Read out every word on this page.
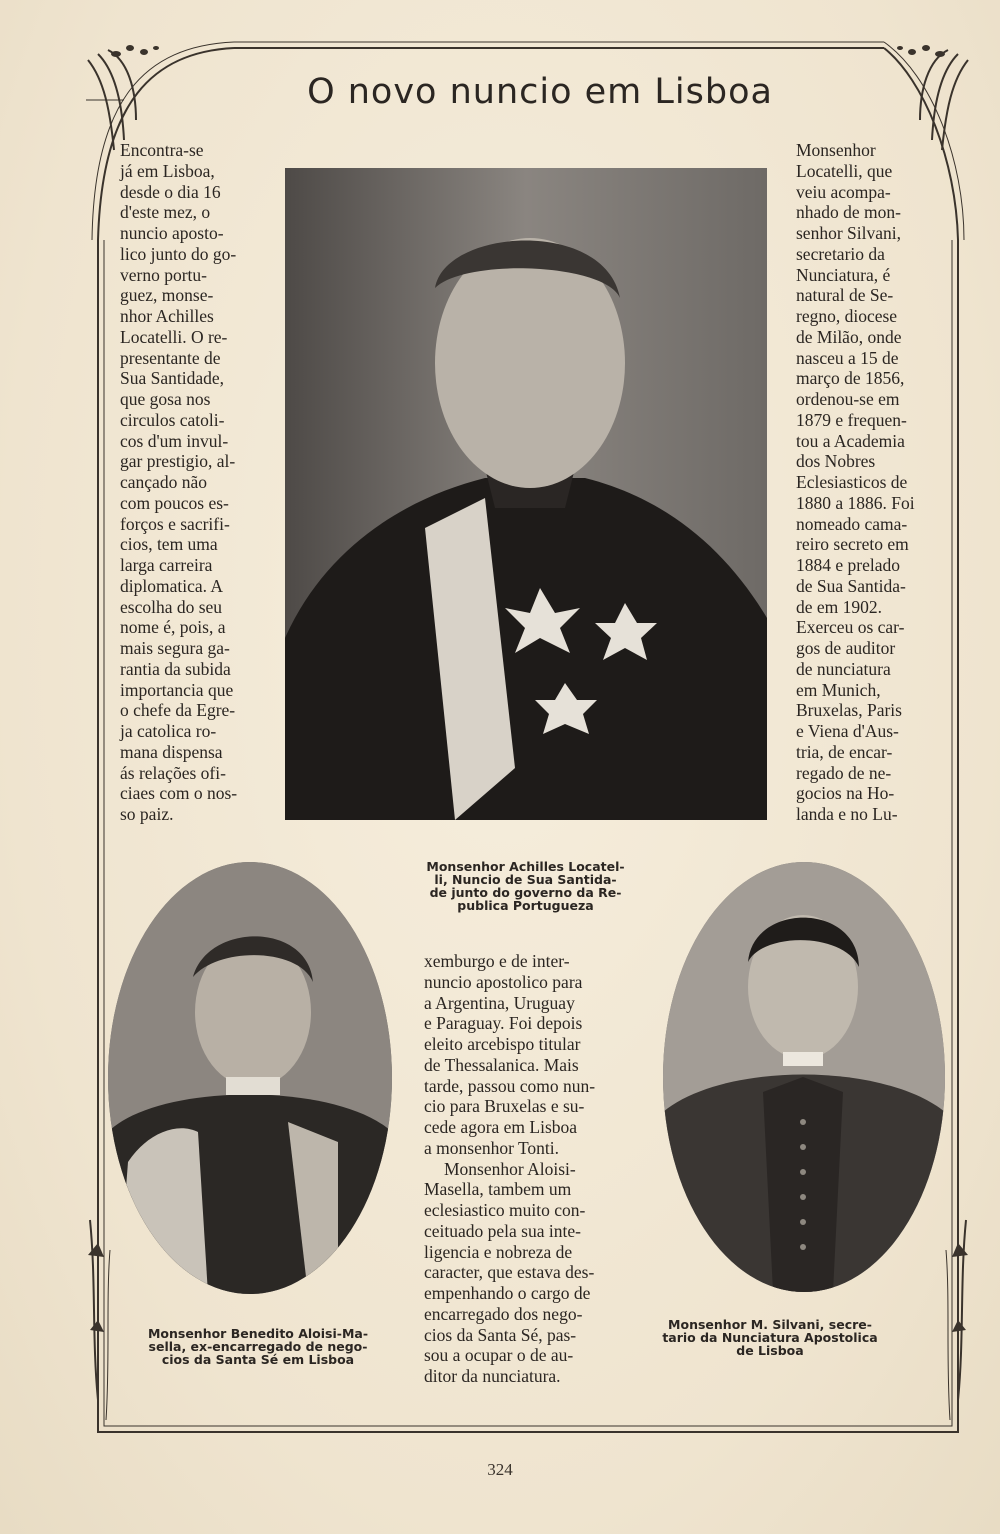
O novo nuncio em Lisboa

Encontra-se
já em Lisboa,
desde o dia 16
d'este mez, o
nuncio aposto-
lico junto do go-
verno portu-
guez, monse-
nhor Achilles
Locatelli. O re-
presentante de
Sua Santidade,
que gosa nos
circulos catoli-
cos d'um invul-
gar prestigio, al-
cançado não
com poucos es-
forços e sacrifi-
cios, tem uma
larga carreira
diplomatica. A
escolha do seu
nome é, pois, a
mais segura ga-
rantia da subida
importancia que
o chefe da Egre-
ja catolica ro-
mana dispensa
ás relações ofi-
ciaes com o nos-
so paiz.

Monsenhor
Locatelli, que
veiu acompa-
nhado de mon-
senhor Silvani,
secretario da
Nunciatura, é
natural de Se-
regno, diocese
de Milão, onde
nasceu a 15 de
março de 1856,
ordenou-se em
1879 e frequen-
tou a Academia
dos Nobres
Eclesiasticos de
1880 a 1886. Foi
nomeado cama-
reiro secreto em
1884 e prelado
de Sua Santida-
de em 1902.
Exerceu os car-
gos de auditor
de nunciatura
em Munich,
Bruxelas, Paris
e Viena d'Aus-
tria, de encar-
regado de ne-
gocios na Ho-
landa e no Lu-

Monsenhor Achilles Locatel-
li, Nuncio de Sua Santida-
de junto do governo da Re-
publica Portugueza
Monsenhor Benedito Aloisi-Ma-
sella, ex-encarregado de nego-
cios da Santa Sé em Lisboa

xemburgo e de inter-
nuncio apostolico para
a Argentina, Uruguay
e Paraguay. Foi depois
eleito arcebispo titular
de Thessalanica. Mais
tarde, passou como nun-
cio para Bruxelas e su-
cede agora em Lisboa
a monsenhor Tonti.

Monsenhor Aloisi-
Masella, tambem um
eclesiastico muito con-
ceituado pela sua inte-
ligencia e nobreza de
caracter, que estava des-
empenhando o cargo de
encarregado dos nego-
cios da Santa Sé, pas-
sou a ocupar o de au-
ditor da nunciatura.

Monsenhor M. Silvani, secre-
tario da Nunciatura Apostolica
de Lisboa
324
